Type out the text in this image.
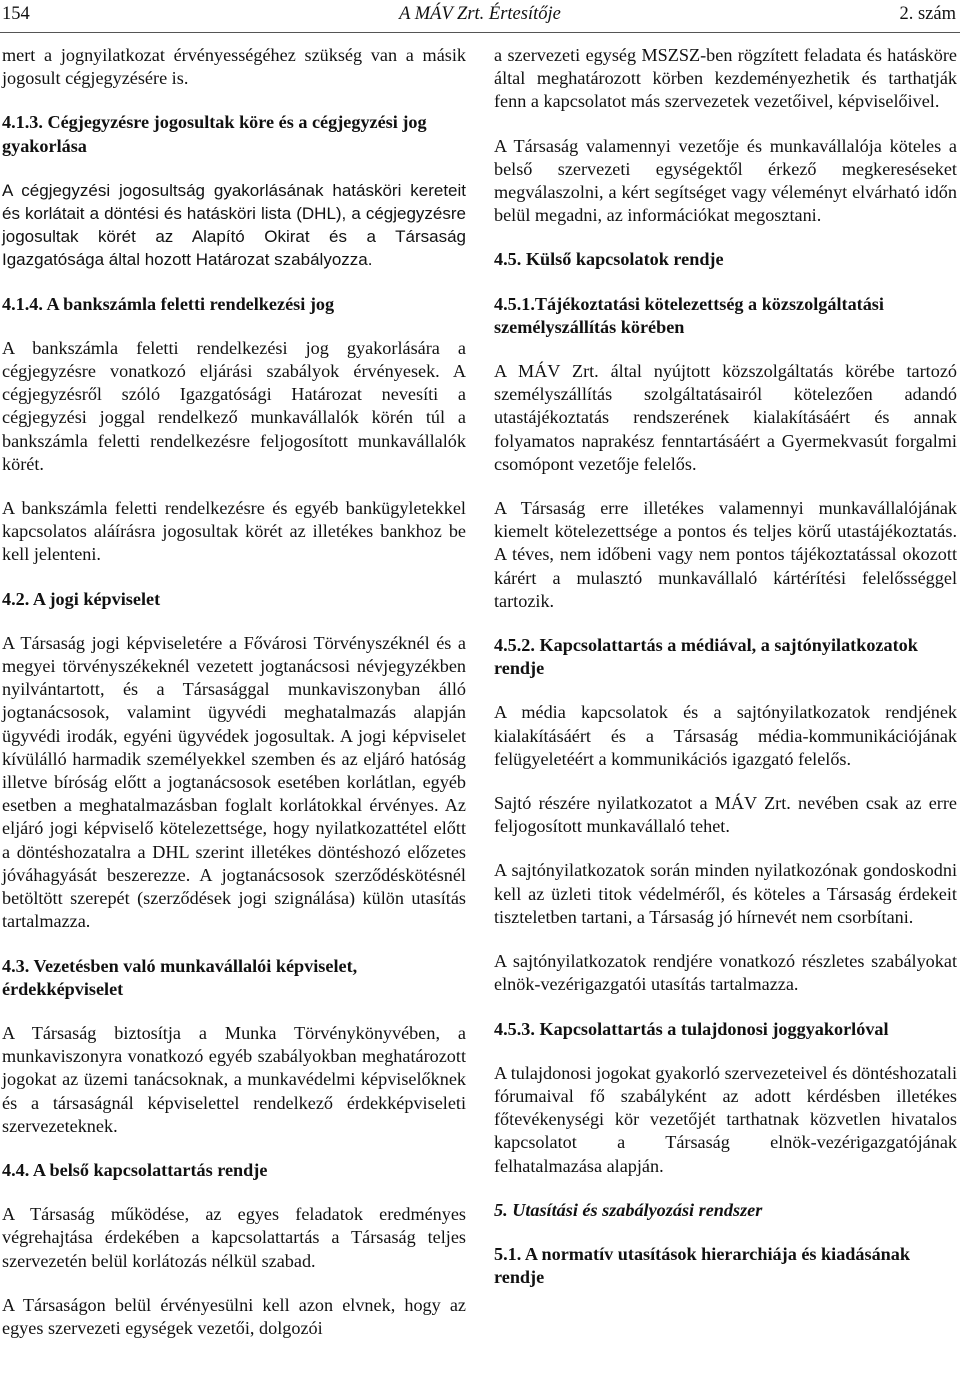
154	A MÁV Zrt. Értesítője	2. szám

mert a jognyilatkozat érvényességéhez szükség van a másik jogosult cégjegyzésére is.

4.1.3. Cégjegyzésre jogosultak köre és a cégjegyzési jog gyakorlása

A cégjegyzési jogosultság gyakorlásának hatásköri kereteit és korlátait a döntési és hatásköri lista (DHL), a cégjegyzésre jogosultak körét az Alapító Okirat és a Társaság Igazgatósága által hozott Határozat szabályozza.

4.1.4. A bankszámla feletti rendelkezési jog

A bankszámla feletti rendelkezési jog gyakorlására a cégjegyzésre vonatkozó eljárási szabályok érvényesek. A cégjegyzésről szóló Igazgatósági Határozat nevesíti a cégjegyzési joggal rendelkező munkavállalók körén túl a bankszámla feletti rendelkezésre feljogosított munkavállalók körét.

A bankszámla feletti rendelkezésre és egyéb bankügyletekkel kapcsolatos aláírásra jogosultak körét az illetékes bankhoz be kell jelenteni.

4.2. A jogi képviselet

A Társaság jogi képviseletére a Fővárosi Törvényszéknél és a megyei törvényszékeknél vezetett jogtanácsosi névjegyzékben nyilvántartott, és a Társasággal munkaviszonyban álló jogtanácsosok, valamint ügyvédi meghatalmazás alapján ügyvédi irodák, egyéni ügyvédek jogosultak. A jogi képviselet kívülálló harmadik személyekkel szemben és az eljáró hatóság illetve bíróság előtt a jogtanácsosok esetében korlátlan, egyéb esetben a meghatalmazásban foglalt korlátokkal érvényes. Az eljáró jogi képviselő kötelezettsége, hogy nyilatkozattétel előtt a döntéshozatalra a DHL szerint illetékes döntéshozó előzetes jóváhagyását beszerezze. A jogtanácsosok szerződéskötésnél betöltött szerepét (szerződések jogi szignálása) külön utasítás tartalmazza.

4.3. Vezetésben való munkavállalói képviselet, érdekképviselet

A Társaság biztosítja a Munka Törvénykönyvében, a munkaviszonyra vonatkozó egyéb szabályokban meghatározott jogokat az üzemi tanácsoknak, a munkavédelmi képviselőknek és a társaságnál képviselettel rendelkező érdekképviseleti szervezeteknek.

4.4. A belső kapcsolattartás rendje

A Társaság működése, az egyes feladatok eredményes végrehajtása érdekében a kapcsolattartás a Társaság teljes szervezetén belül korlátozás nélkül szabad.

A Társaságon belül érvényesülni kell azon elvnek, hogy az egyes szervezeti egységek vezetői, dolgozói

a szervezeti egység MSZSZ-ben rögzített feladata és hatásköre által meghatározott körben kezdeményezhetik és tarthatják fenn a kapcsolatot más szervezetek vezetőivel, képviselőivel.

A Társaság valamennyi vezetője és munkavállalója köteles a belső szervezeti egységektől érkező megkereséseket megválaszolni, a kért segítséget vagy véleményt elvárható időn belül megadni, az információkat megosztani.

4.5. Külső kapcsolatok rendje
4.5.1.Tájékoztatási kötelezettség a közszolgáltatási személyszállítás körében

A MÁV Zrt. által nyújtott közszolgáltatás körébe tartozó személyszállítás szolgáltatásairól kötelezően adandó utastájékoztatás rendszerének kialakításáért és annak folyamatos naprakész fenntartásáért a Gyermekvasút forgalmi csomópont vezetője felelős.

A Társaság erre illetékes valamennyi munkavállalójának kiemelt kötelezettsége a pontos és teljes körű utastájékoztatás. A téves, nem időbeni vagy nem pontos tájékoztatással okozott kárért a mulasztó munkavállaló kártérítési felelősséggel tartozik.

4.5.2. Kapcsolattartás a médiával, a sajtónyilatkozatok rendje

A média kapcsolatok és a sajtónyilatkozatok rendjének kialakításáért és a Társaság média-kommunikációjának felügyeletéért a kommunikációs igazgató felelős.

Sajtó részére nyilatkozatot a MÁV Zrt. nevében csak az erre feljogosított munkavállaló tehet.

A sajtónyilatkozatok során minden nyilatkozónak gondoskodni kell az üzleti titok védelméről, és köteles a Társaság érdekeit tiszteletben tartani, a Társaság jó hírnevét nem csorbítani.

A sajtónyilatkozatok rendjére vonatkozó részletes szabályokat elnök-vezérigazgatói utasítás tartalmazza.

4.5.3. Kapcsolattartás a tulajdonosi joggyakorlóval

A tulajdonosi jogokat gyakorló szervezeteivel és döntéshozatali fórumaival fő szabályként az adott kérdésben illetékes főtevékenységi kör vezetőjét tarthatnak közvetlen hivatalos kapcsolatot a Társaság elnök-vezérigazgatójának felhatalmazása alapján.

5. Utasítási és szabályozási rendszer
5.1. A normatív utasítások hierarchiája és kiadásának rendje
